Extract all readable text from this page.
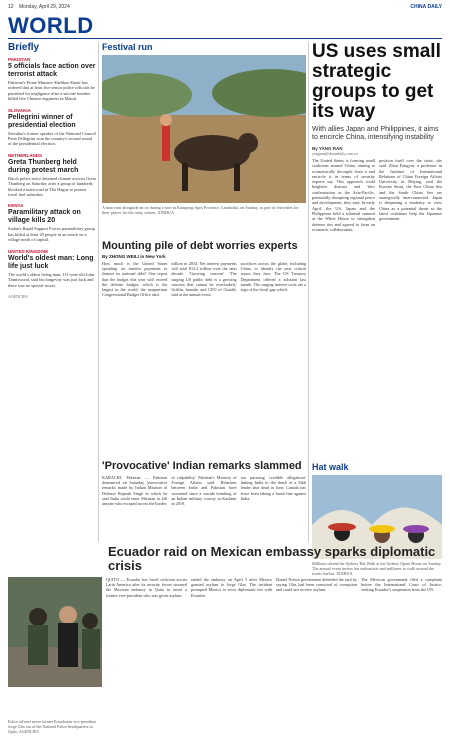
12 Monday, April 29, 2024	CHINA DAILY
WORLD
Briefly
PAKISTAN
5 officials face action over terrorist attack
Pakistan's Prime Minister Shehbaz Sharif has ordered that at least five senior police officials be punished for negligence after a suicide bomber killed five Chinese engineers in March.
SLOVAKIA
Pellegrini winner of presidential election
Slovakia's former speaker of the National Council Peter Pellegrini won the country's second round of the presidential election.
NETHERLANDS
Greta Thunberg held during protest march
Dutch police twice detained climate activist Greta Thunberg on Saturday after a group of hundreds blocked a main road in The Hague to protest fossil fuel subsidies.
KENYA
Paramilitary attack on village kills 20
Sudan's Rapid Support Forces paramilitary group has killed at least 20 people in an attack on a village north of capital.
UNITED KINGDOM
World's oldest man: Long life just luck
The world's oldest living man, 111-year-old John Tinniswood, said his longevity was just luck and there was no special secret.
AGENCIES
Festival run
A man runs alongside an ox during a race in Kampong Speu Province, Cambodia, on Sunday, as part of festivities for their prayer for the rainy season. XINHUA
US uses small strategic groups to get its way
With allies Japan and Philippines, it aims to encircle China, intensifying instability
By YANG RAN
yangran@chinadaily.com.cn
The United States is forming small coalitions around China, aiming to economically decouple from it and encircle it in terms of security experts say. This approach could heighten distrust and bloc confrontation in the Asia-Pacific, potentially disrupting regional peace and development, they said. In early April, the US, Japan and the Philippines held a trilateral summit at the White House to strengthen defense ties and agreed to form an economic collaboration.
position itself over the strait, she said. Zhou Fangyin, a professor in the Institute of International Relations of China Foreign Affairs University in Beijing, said the Korean Strait, the East China Sea and the South China Sea are strategically interconnected. Japan is deepening a tendency to view China as a potential threat so the latest coalitions help the Japanese government.
Hat walk
Milliners attend the Sydney Hat Walk at the Sydney Opera House on Sunday. The annual event invites hat enthusiasts and milliners to walk around the iconic harbor. XINHUA
Mounting pile of debt worries experts
By ZHONG WEILI in New York
How much is the United States spending on interest payments to finance its national debt? One report that the budget this year will exceed the defense budget, which is the largest in the world, the nonpartisan Congressional Budget Office said.
trillion in 2034. Net interest payments will total $12.4 trillion over the next decade. 'Growing concern' 'The surging US public debt is a growing concern that cannot be overlooked,' Griffin, founder and CEO of Citadel, said at the annual event.
sacrifices across the globe, including China, to identify the next critical issues they face. The US Treasury Department offered a solution last month. The surging interest costs are a sign of the fiscal gap which.
'Provocative' Indian remarks slammed
KARACHI, Pakistan — Pakistan denounced on Saturday 'provocative remarks' made by Indian Minister of Defense Rajnath Singh in which he said India could enter Pakistan to kill anyone who escaped across the border.
of culpability,' Pakistan's Ministry of Foreign Affairs said. Relations between India and Pakistan have worsened since a suicide bombing of an Indian military convoy in Kashmir in 2019.
not pursuing 'credible allegations' linking India to the death of a Sikh leader shot dead in June. Canada has since been taking a harsh line against India.
Ecuador raid on Mexican embassy sparks diplomatic crisis
Police officers move former Ecuadorian vice-president Jorge Glas out of the National Police headquarters in Quito. AGENCIES
QUITO — Ecuador has faced criticism across Latin America after its security forces stormed the Mexican embassy in Quito to arrest a former vice-president who was given asylum.
raided the embassy on April 5 after Mexico granted asylum to Jorge Glas. The incident prompted Mexico to sever diplomatic ties with Ecuador.
Daniel Noboa government defended the raid by saying Glas had been convicted of corruption and could not receive asylum.
The Mexican government filed a complaint before the International Court of Justice, seeking Ecuador's suspension from the UN.
